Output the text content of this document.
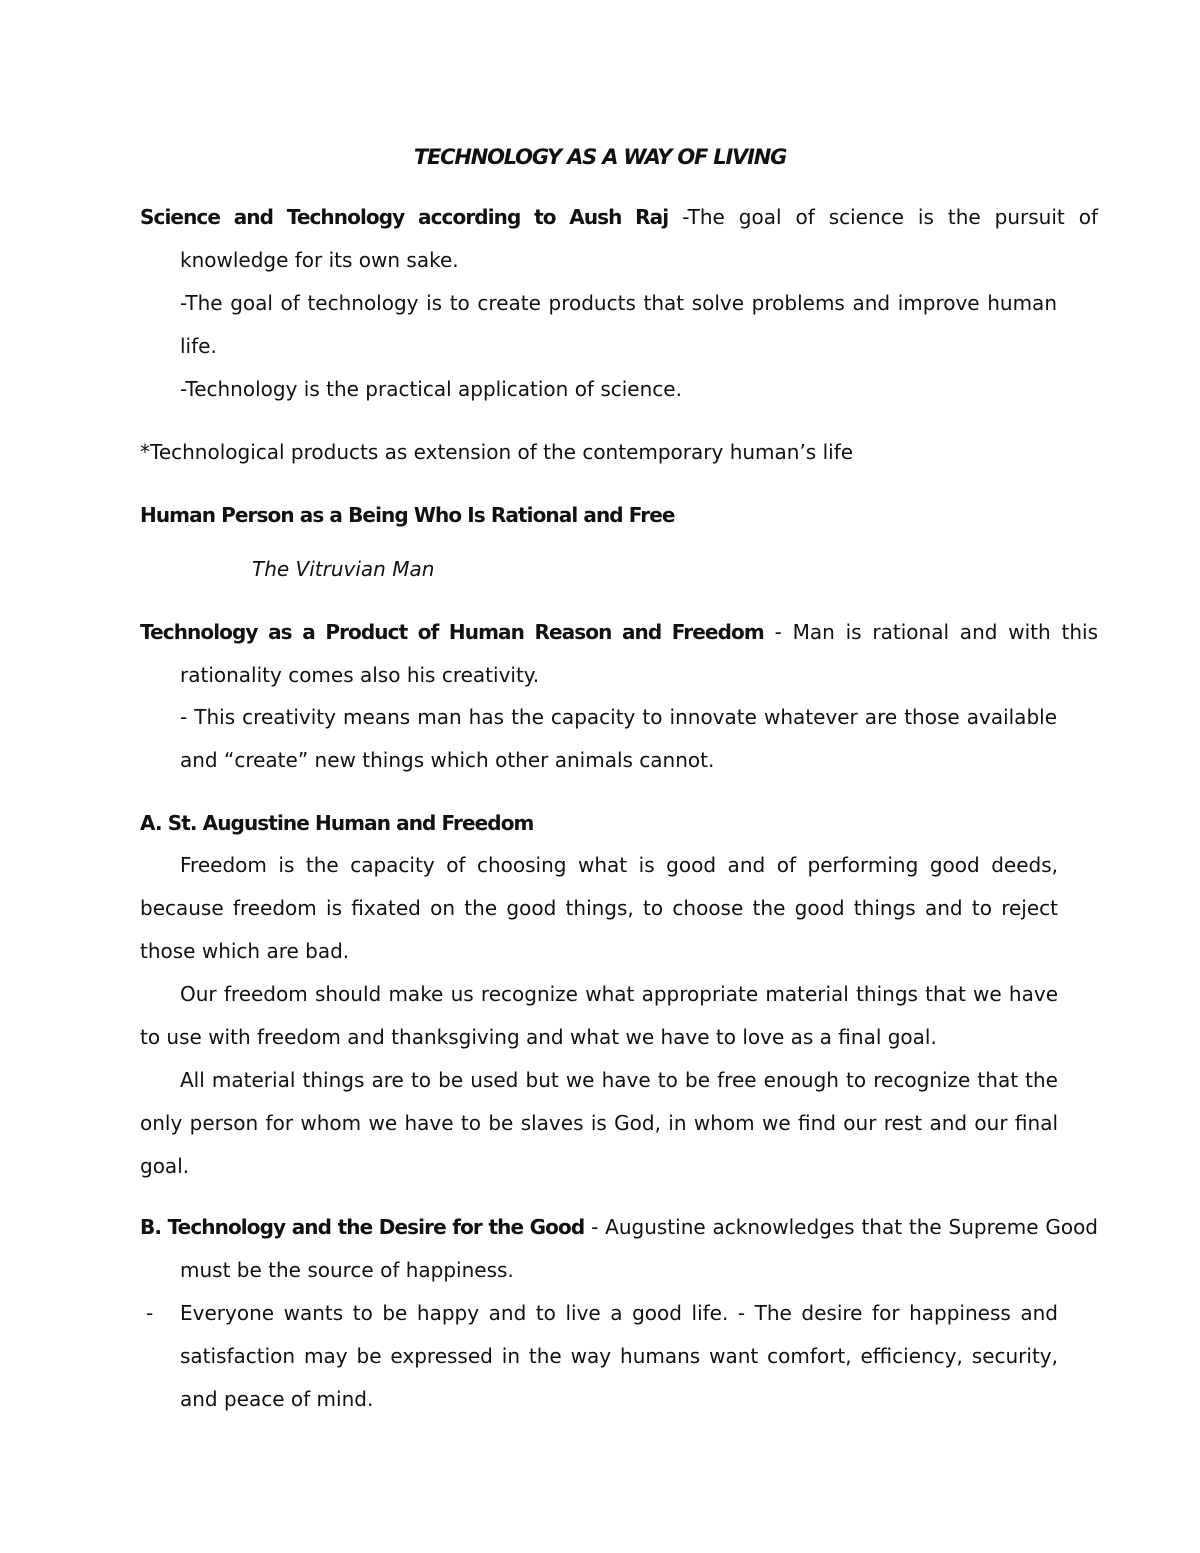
TECHNOLOGY AS A WAY OF LIVING
Science and Technology according to Aush Raj -The goal of science is the pursuit of knowledge for its own sake.
-The goal of technology is to create products that solve problems and improve human life.
-Technology is the practical application of science.
*Technological products as extension of the contemporary human’s life
Human Person as a Being Who Is Rational and Free
The Vitruvian Man
Technology as a Product of Human Reason and Freedom - Man is rational and with this rationality comes also his creativity.
- This creativity means man has the capacity to innovate whatever are those available and “create” new things which other animals cannot.
A. St. Augustine Human and Freedom
Freedom is the capacity of choosing what is good and of performing good deeds, because freedom is fixated on the good things, to choose the good things and to reject those which are bad.
Our freedom should make us recognize what appropriate material things that we have to use with freedom and thanksgiving and what we have to love as a final goal.
All material things are to be used but we have to be free enough to recognize that the only person for whom we have to be slaves is God, in whom we find our rest and our final goal.
B. Technology and the Desire for the Good - Augustine acknowledges that the Supreme Good must be the source of happiness.
- Everyone wants to be happy and to live a good life. - The desire for happiness and satisfaction may be expressed in the way humans want comfort, efficiency, security, and peace of mind.
